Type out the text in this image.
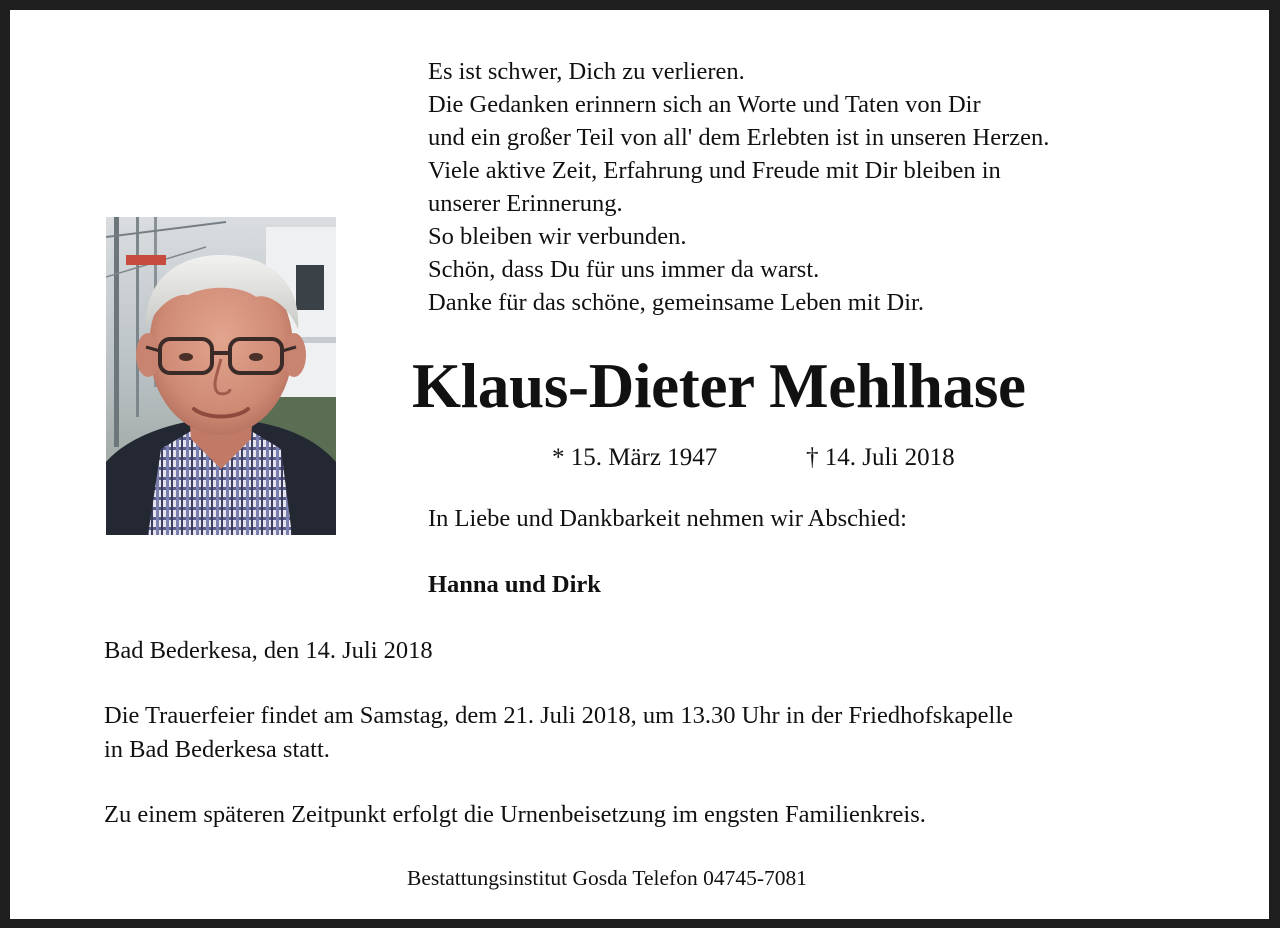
Es ist schwer, Dich zu verlieren.
Die Gedanken erinnern sich an Worte und Taten von Dir
und ein großer Teil von all' dem Erlebten ist in unseren Herzen.
Viele aktive Zeit, Erfahrung und Freude mit Dir bleiben in
unserer Erinnerung.
So bleiben wir verbunden.
Schön, dass Du für uns immer da warst.
Danke für das schöne, gemeinsame Leben mit Dir.
Klaus-Dieter Mehlhase
* 15. März 1947	† 14. Juli 2018
In Liebe und Dankbarkeit nehmen wir Abschied:
Hanna und Dirk
Bad Bederkesa, den 14. Juli 2018
Die Trauerfeier findet am Samstag, dem 21. Juli 2018, um 13.30 Uhr in der Friedhofskapelle
in Bad Bederkesa statt.
Zu einem späteren Zeitpunkt erfolgt die Urnenbeisetzung im engsten Familienkreis.
Bestattungsinstitut Gosda Telefon 04745-7081
